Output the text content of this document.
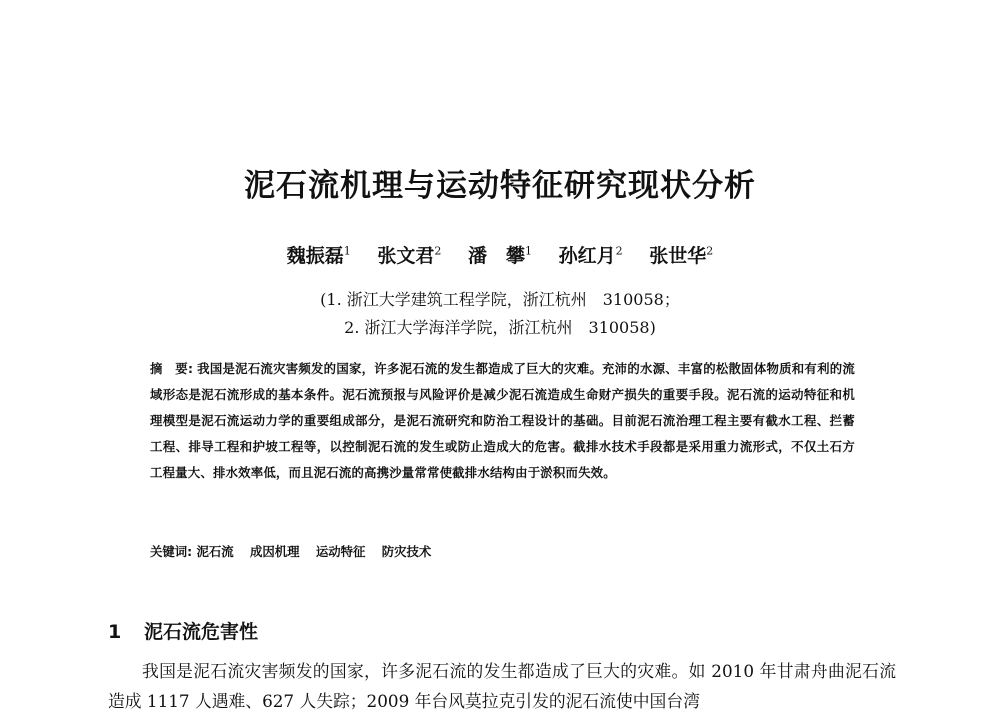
泥石流机理与运动特征研究现状分析
魏振磊$^1$ 张文君$^2$ 潘　攀$^1$ 孙红月$^2$ 张世华$^2$
(1. 浙江大学建筑工程学院，浙江杭州　310058；
2. 浙江大学海洋学院，浙江杭州　310058)
摘　要: 我国是泥石流灾害频发的国家，许多泥石流的发生都造成了巨大的灾难。充沛的水源、丰富的松散固体物质和有利的流域形态是泥石流形成的基本条件。泥石流预报与风险评价是减少泥石流造成生命财产损失的重要手段。泥石流的运动特征和机理模型是泥石流运动力学的重要组成部分，是泥石流研究和防治工程设计的基础。目前泥石流治理工程主要有截水工程、拦蓄工程、排导工程和护坡工程等，以控制泥石流的发生或防止造成大的危害。截排水技术手段都是采用重力流形式，不仅土石方工程量大、排水效率低，而且泥石流的高携沙量常常使截排水结构由于淤积而失效。
关键词: 泥石流 成因机理 运动特征 防灾技术
1 泥石流危害性
我国是泥石流灾害频发的国家，许多泥石流的发生都造成了巨大的灾难。如 2010 年甘肃舟曲泥石流造成 1117 人遇难、627 人失踪；2009 年台风莫拉克引发的泥石流使中国台湾
